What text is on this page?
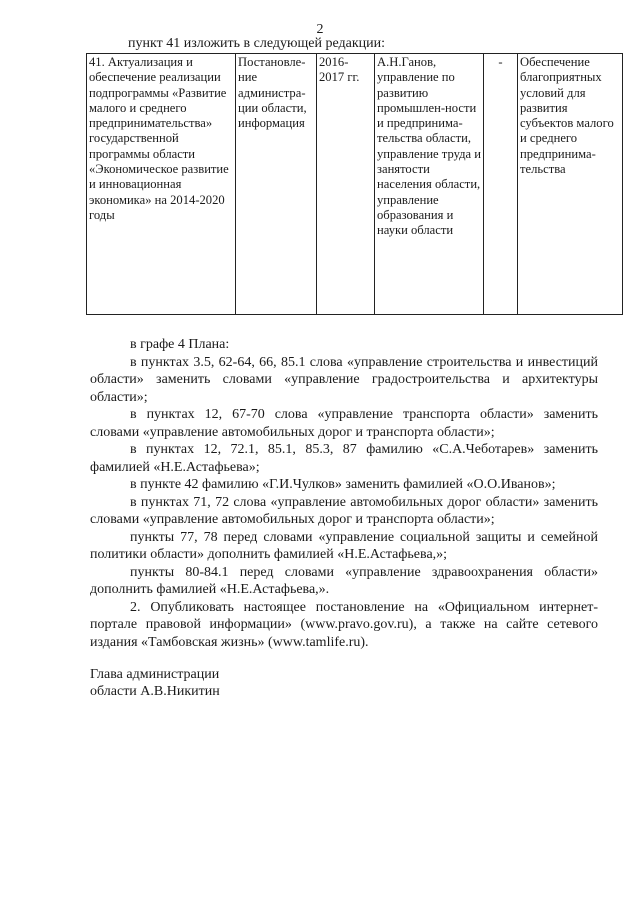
2
пункт 41 изложить в следующей редакции:
41. Актуализация и обеспечение реализации подпрограммы «Развитие малого и среднего предпринимательства» государственной программы области «Экономическое развитие и инновационная экономика» на 2014-2020 годы	Постановле-ние администра-ции области, информация	2016-2017 гг.	А.Н.Ганов, управление по развитию промышлен-ности и предпринима-тельства области, управление труда и занятости населения области, управление образования и науки области	-	Обеспечение благоприятных условий для развития субъектов малого и среднего предпринима-тельства

в графе 4 Плана:

в пунктах 3.5, 62-64, 66, 85.1 слова «управление строительства и инвестиций области» заменить словами «управление градостроительства и архитектуры области»;

в пунктах 12, 67-70 слова «управление транспорта области» заменить словами «управление автомобильных дорог и транспорта области»;

в пунктах 12, 72.1, 85.1, 85.3, 87 фамилию «С.А.Чеботарев» заменить фамилией «Н.Е.Астафьева»;

в пункте 42 фамилию «Г.И.Чулков» заменить фамилией «О.О.Иванов»;

в пунктах 71, 72 слова «управление автомобильных дорог области» заменить словами «управление автомобильных дорог и транспорта области»;

пункты 77, 78 перед словами «управление социальной защиты и семейной политики области» дополнить фамилией «Н.Е.Астафьева,»;

пункты 80-84.1 перед словами «управление здравоохранения области» дополнить фамилией «Н.Е.Астафьева,».

2. Опубликовать настоящее постановление на «Официальном интернет-портале правовой информации» (www.pravo.gov.ru), а также на сайте сетевого издания «Тамбовская жизнь» (www.tamlife.ru).

Глава администрации
области А.В.Никитин
